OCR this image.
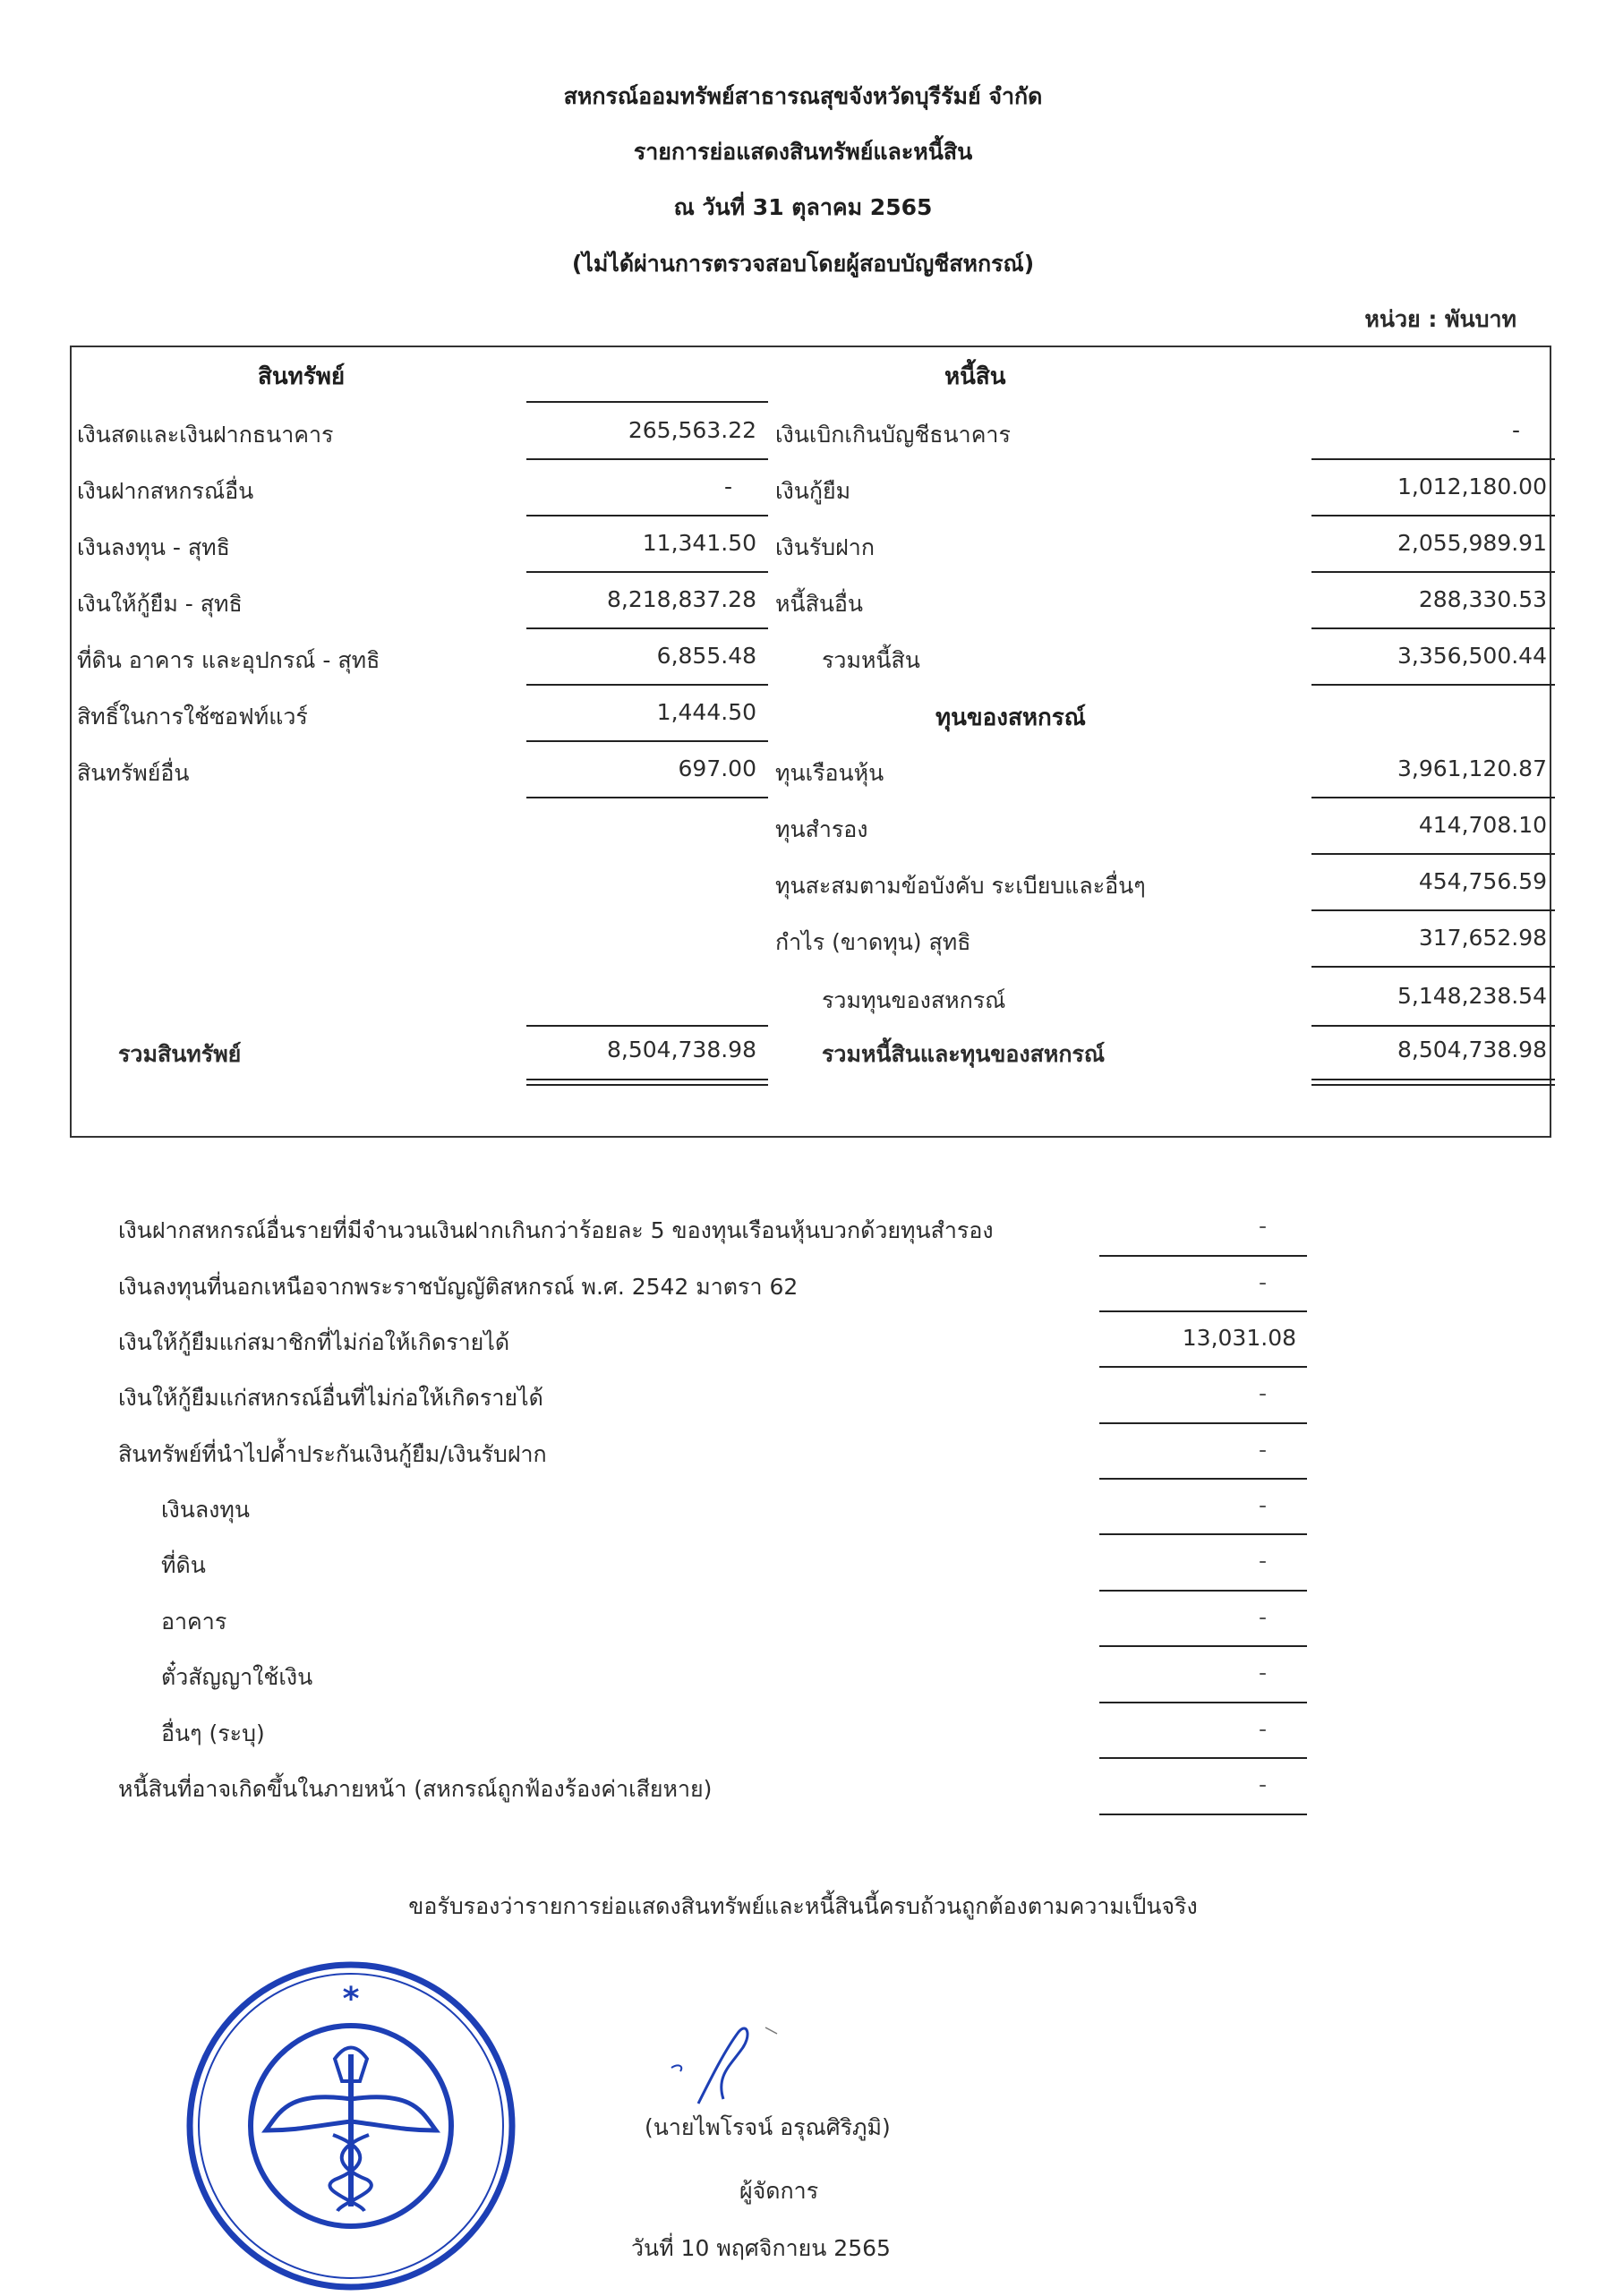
สหกรณ์ออมทรัพย์สาธารณสุขจังหวัดบุรีรัมย์ จำกัด
รายการย่อแสดงสินทรัพย์และหนี้สิน
ณ วันที่ 31 ตุลาคม 2565
(ไม่ได้ผ่านการตรวจสอบโดยผู้สอบบัญชีสหกรณ์)
หน่วย : พันบาท
สินทรัพย์	หนี้สิน
เงินสดและเงินฝากธนาคาร	265,563.22
เงินฝากสหกรณ์อื่น	-
เงินลงทุน - สุทธิ	11,341.50
เงินให้กู้ยืม - สุทธิ	8,218,837.28
ที่ดิน อาคาร และอุปกรณ์ - สุทธิ	6,855.48
สิทธิ์ในการใช้ซอฟท์แวร์	1,444.50
สินทรัพย์อื่น	697.00
เงินเบิกเกินบัญชีธนาคาร	-
เงินกู้ยืม	1,012,180.00
เงินรับฝาก	2,055,989.91
หนี้สินอื่น	288,330.53
รวมหนี้สิน	3,356,500.44
ทุนของสหกรณ์
ทุนเรือนหุ้น	3,961,120.87
ทุนสำรอง	414,708.10
ทุนสะสมตามข้อบังคับ ระเบียบและอื่นๆ	454,756.59
กำไร (ขาดทุน) สุทธิ	317,652.98
รวมทุนของสหกรณ์	5,148,238.54
รวมสินทรัพย์	8,504,738.98	รวมหนี้สินและทุนของสหกรณ์	8,504,738.98
เงินฝากสหกรณ์อื่นรายที่มีจำนวนเงินฝากเกินกว่าร้อยละ 5 ของทุนเรือนหุ้นบวกด้วยทุนสำรอง	-
เงินลงทุนที่นอกเหนือจากพระราชบัญญัติสหกรณ์ พ.ศ. 2542 มาตรา 62	-
เงินให้กู้ยืมแก่สมาชิกที่ไม่ก่อให้เกิดรายได้	13,031.08
เงินให้กู้ยืมแก่สหกรณ์อื่นที่ไม่ก่อให้เกิดรายได้	-
สินทรัพย์ที่นำไปค้ำประกันเงินกู้ยืม/เงินรับฝาก	-
เงินลงทุน	-
ที่ดิน	-
อาคาร	-
ตั๋วสัญญาใช้เงิน	-
อื่นๆ (ระบุ)	-
หนี้สินที่อาจเกิดขึ้นในภายหน้า (สหกรณ์ถูกฟ้องร้องค่าเสียหาย)	-
ขอรับรองว่ารายการย่อแสดงสินทรัพย์และหนี้สินนี้ครบถ้วนถูกต้องตามความเป็นจริง
*
(นายไพโรจน์ อรุณศิริภูมิ)
ผู้จัดการ
วันที่ 10 พฤศจิกายน 2565
